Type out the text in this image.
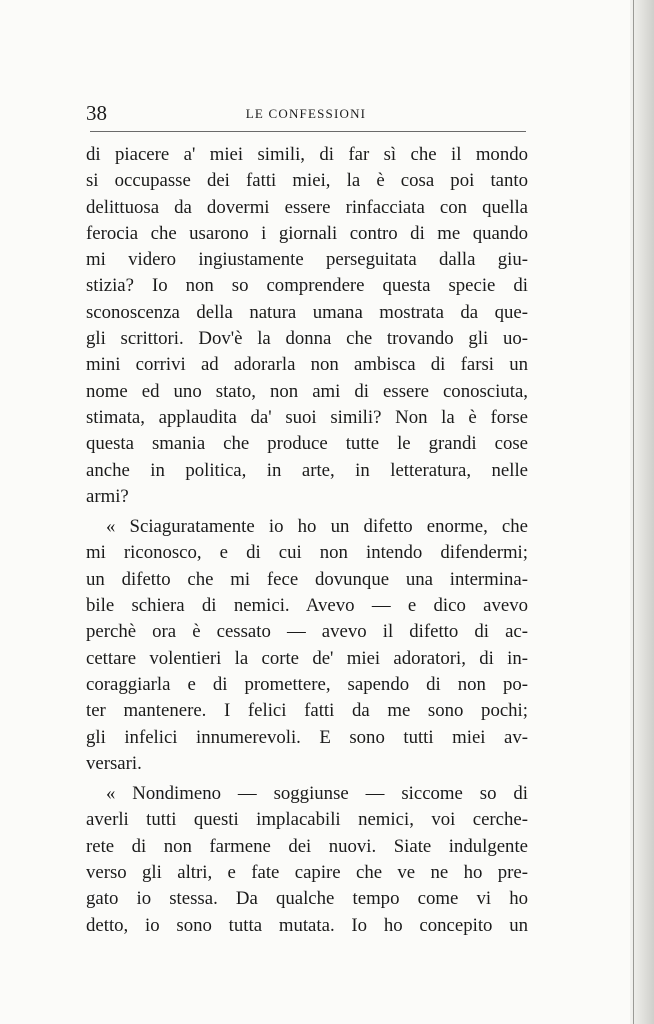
38	LE CONFESSIONI
di piacere a' miei simili, di far sì che il mondo
si occupasse dei fatti miei, la è cosa poi tanto
delittuosa da dovermi essere rinfacciata con quella
ferocia che usarono i giornali contro di me quando
mi videro ingiustamente perseguitata dalla giu-
stizia? Io non so comprendere questa specie di
sconoscenza della natura umana mostrata da que-
gli scrittori. Dov'è la donna che trovando gli uo-
mini corrivi ad adorarla non ambisca di farsi un
nome ed uno stato, non ami di essere conosciuta,
stimata, applaudita da' suoi simili? Non la è forse
questa smania che produce tutte le grandi cose
anche in politica, in arte, in letteratura, nelle
armi?
« Sciaguratamente io ho un difetto enorme, che
mi riconosco, e di cui non intendo difendermi;
un difetto che mi fece dovunque una intermina-
bile schiera di nemici. Avevo — e dico avevo
perchè ora è cessato — avevo il difetto di ac-
cettare volentieri la corte de' miei adoratori, di in-
coraggiarla e di promettere, sapendo di non po-
ter mantenere. I felici fatti da me sono pochi;
gli infelici innumerevoli. E sono tutti miei av-
versari.
« Nondimeno — soggiunse — siccome so di
averli tutti questi implacabili nemici, voi cerche-
rete di non farmene dei nuovi. Siate indulgente
verso gli altri, e fate capire che ve ne ho pre-
gato io stessa. Da qualche tempo come vi ho
detto, io sono tutta mutata. Io ho concepito un
